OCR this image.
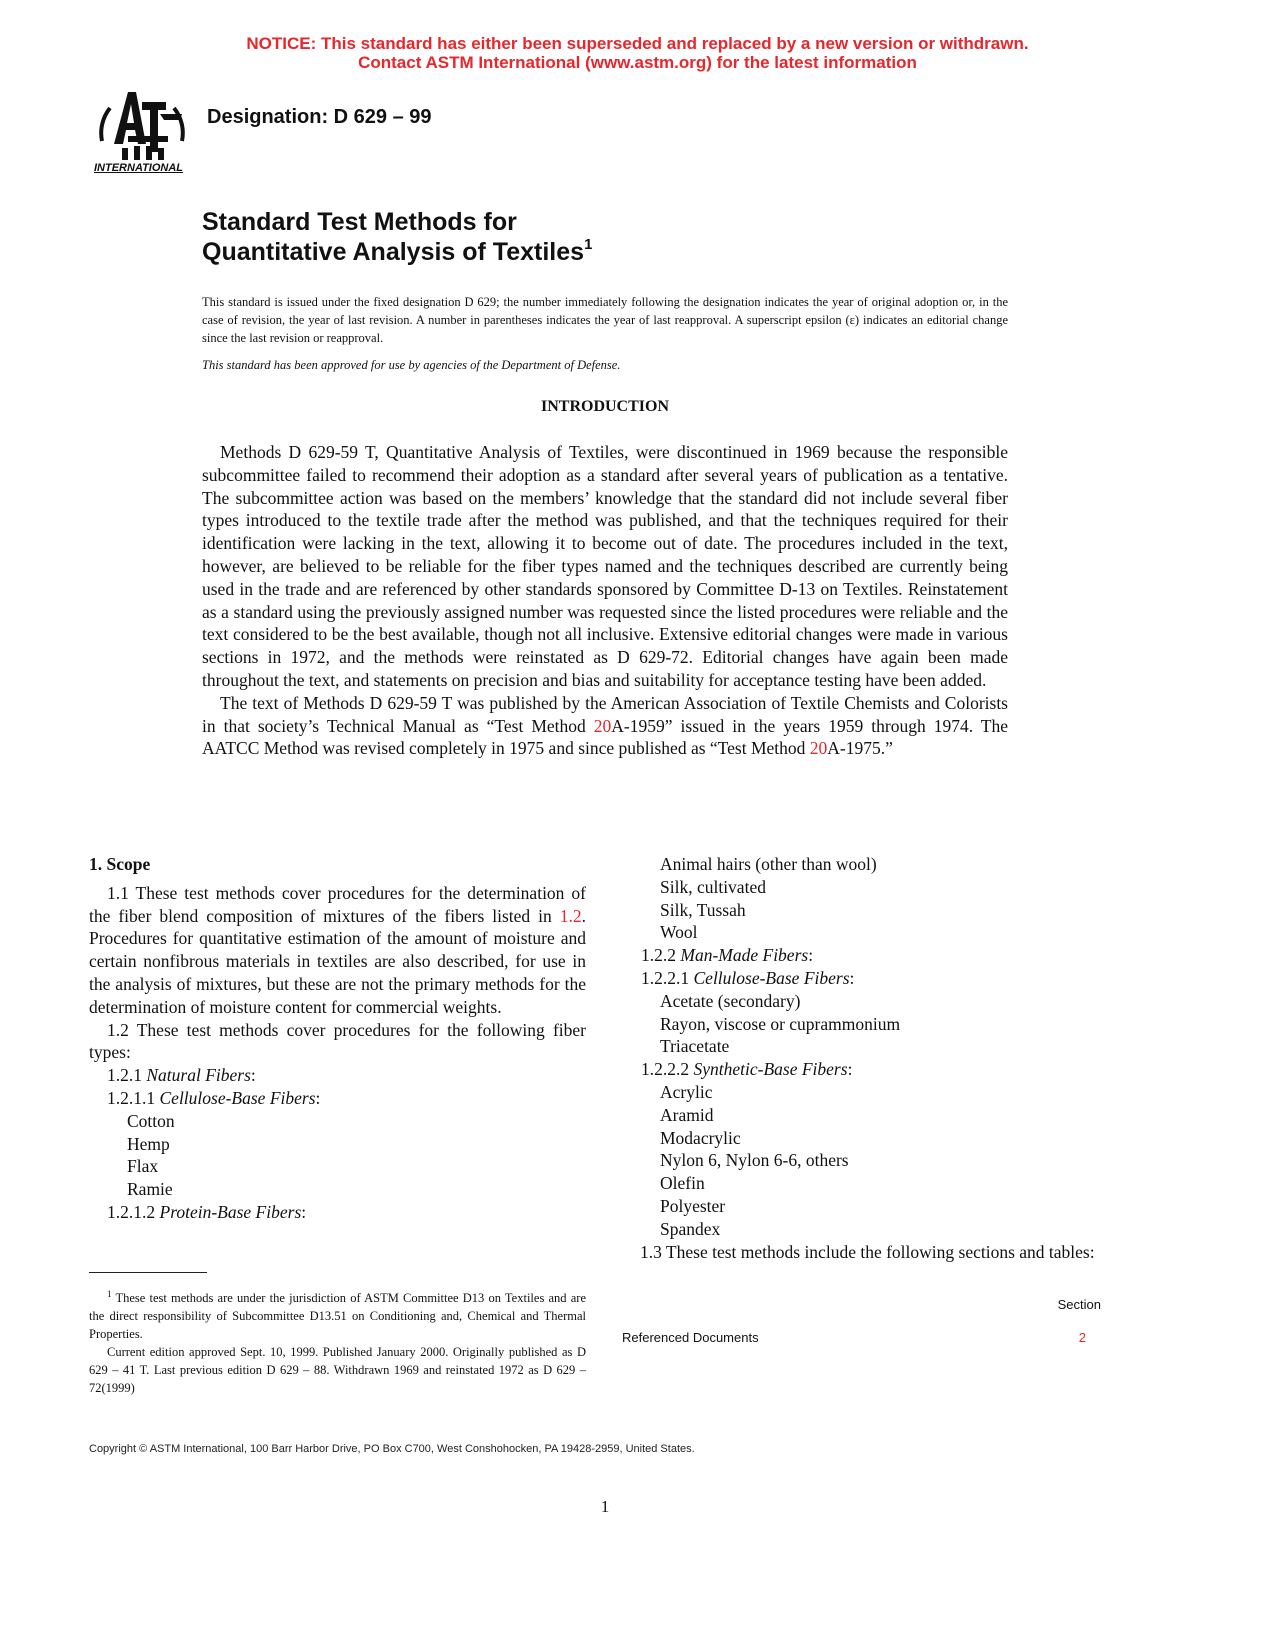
NOTICE: This standard has either been superseded and replaced by a new version or withdrawn.
Contact ASTM International (www.astm.org) for the latest information
INTERNATIONAL
Designation: D 629 – 99
Standard Test Methods for
Quantitative Analysis of Textiles$^1$
This standard is issued under the fixed designation D 629; the number immediately following the designation indicates the year of original adoption or, in the case of revision, the year of last revision. A number in parentheses indicates the year of last reapproval. A superscript epsilon (ε) indicates an editorial change since the last revision or reapproval.
This standard has been approved for use by agencies of the Department of Defense.
INTRODUCTION

Methods D 629-59 T, Quantitative Analysis of Textiles, were discontinued in 1969 because the responsible subcommittee failed to recommend their adoption as a standard after several years of publication as a tentative. The subcommittee action was based on the members’ knowledge that the standard did not include several fiber types introduced to the textile trade after the method was published, and that the techniques required for their identification were lacking in the text, allowing it to become out of date. The procedures included in the text, however, are believed to be reliable for the fiber types named and the techniques described are currently being used in the trade and are referenced by other standards sponsored by Committee D-13 on Textiles. Reinstatement as a standard using the previously assigned number was requested since the listed procedures were reliable and the text considered to be the best available, though not all inclusive. Extensive editorial changes were made in various sections in 1972, and the methods were reinstated as D 629-72. Editorial changes have again been made throughout the text, and statements on precision and bias and suitability for acceptance testing have been added.

The text of Methods D 629-59 T was published by the American Association of Textile Chemists and Colorists in that society’s Technical Manual as “Test Method 20A-1959” issued in the years 1959 through 1974. The AATCC Method was revised completely in 1975 and since published as “Test Method 20A-1975.”

1. Scope

1.1 These test methods cover procedures for the determination of the fiber blend composition of mixtures of the fibers listed in 1.2. Procedures for quantitative estimation of the amount of moisture and certain nonfibrous materials in textiles are also described, for use in the analysis of mixtures, but these are not the primary methods for the determination of moisture content for commercial weights.

1.2 These test methods cover procedures for the following fiber types:

1.2.1 Natural Fibers:
1.2.1.1 Cellulose-Base Fibers:
Cotton
Hemp
Flax
Ramie
1.2.1.2 Protein-Base Fibers:
Animal hairs (other than wool)
Silk, cultivated
Silk, Tussah
Wool
1.2.2 Man-Made Fibers:
1.2.2.1 Cellulose-Base Fibers:
Acetate (secondary)
Rayon, viscose or cuprammonium
Triacetate
1.2.2.2 Synthetic-Base Fibers:
Acrylic
Aramid
Modacrylic
Nylon 6, Nylon 6-6, others
Olefin
Polyester
Spandex

1.3 These test methods include the following sections and tables:

Section
Referenced Documents	2

$^1$ These test methods are under the jurisdiction of ASTM Committee D13 on Textiles and are the direct responsibility of Subcommittee D13.51 on Conditioning and, Chemical and Thermal Properties.

Current edition approved Sept. 10, 1999. Published January 2000. Originally published as D 629 – 41 T. Last previous edition D 629 – 88. Withdrawn 1969 and reinstated 1972 as D 629 – 72(1999)

Copyright © ASTM International, 100 Barr Harbor Drive, PO Box C700, West Conshohocken, PA 19428-2959, United States.
1
